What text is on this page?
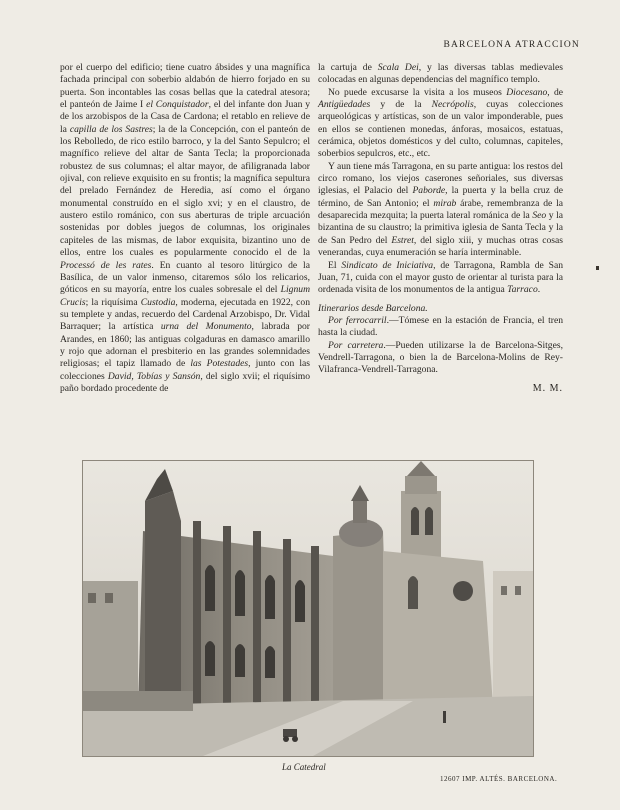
BARCELONA ATRACCION

por el cuerpo del edificio; tiene cuatro ábsides y una magnífica fachada principal con soberbio aldabón de hierro forjado en su puerta. Son incontables las cosas bellas que la catedral atesora; el panteón de Jaime I el Conquistador, el del infante don Juan y de los arzobispos de la Casa de Cardona; el retablo en relieve de la capilla de los Sastres; la de la Concepción, con el panteón de los Rebolledo, de rico estilo barroco, y la del Santo Sepulcro; el magnífico relieve del altar de Santa Tecla; la proporcionada robustez de sus columnas; el altar mayor, de afiligranada labor ojival, con relieve exquisito en su frontis; la magnífica sepultura del prelado Fernández de Heredia, así como el órgano monumental construído en el siglo xvi; y en el claustro, de austero estilo románico, con sus aberturas de triple arcuación sostenidas por dobles juegos de columnas, los originales capiteles de las mismas, de labor exquisita, bizantino uno de ellos, entre los cuales es popularmente conocido el de la Processó de les rates. En cuanto al tesoro litúrgico de la Basílica, de un valor inmenso, citaremos sólo los relicarios, góticos en su mayoría, entre los cuales sobresale el del Lignum Crucis; la riquísima Custodia, moderna, ejecutada en 1922, con su templete y andas, recuerdo del Cardenal Arzobispo, Dr. Vidal Barraquer; la artística urna del Monumento, labrada por Arandes, en 1860; las antiguas colgaduras en damasco amarillo y rojo que adornan el presbiterio en las grandes solemnidades religiosas; el tapiz llamado de las Potestades, junto con las colecciones David, Tobías y Sansón, del siglo xvii; el riquísimo paño bordado procedente de

la cartuja de Scala Dei, y las diversas tablas medievales colocadas en algunas dependencias del magnífico templo.

No puede excusarse la visita a los museos Diocesano, de Antigüedades y de la Necrópolis, cuyas colecciones arqueológicas y artísticas, son de un valor imponderable, pues en ellos se contienen monedas, ánforas, mosaicos, estatuas, cerámica, objetos domésticos y del culto, columnas, capiteles, soberbios sepulcros, etc., etc.

Y aun tiene más Tarragona, en su parte antigua: los restos del circo romano, los viejos caserones señoriales, sus diversas iglesias, el Palacio del Paborde, la puerta y la bella cruz de término, de San Antonio; el mirab árabe, remembranza de la desaparecida mezquita; la puerta lateral románica de la Seo y la bizantina de su claustro; la primitiva iglesia de Santa Tecla y la de San Pedro del Estret, del siglo xiii, y muchas otras cosas venerandas, cuya enumeración se haría interminable.

El Sindicato de Iniciativa, de Tarragona, Rambla de San Juan, 71, cuida con el mayor gusto de orientar al turista para la ordenada visita de los monumentos de la antigua Tarraco.

Itinerarios desde Barcelona.

Por ferrocarril.—Tómese en la estación de Francia, el tren hasta la ciudad.

Por carretera.—Pueden utilizarse la de Barcelona-Sitges, Vendrell-Tarragona, o bien la de Barcelona-Molins de Rey-Vilafranca-Vendrell-Tarragona.

M. M.

La Catedral
12607 IMP. ALTÉS. BARCELONA.
